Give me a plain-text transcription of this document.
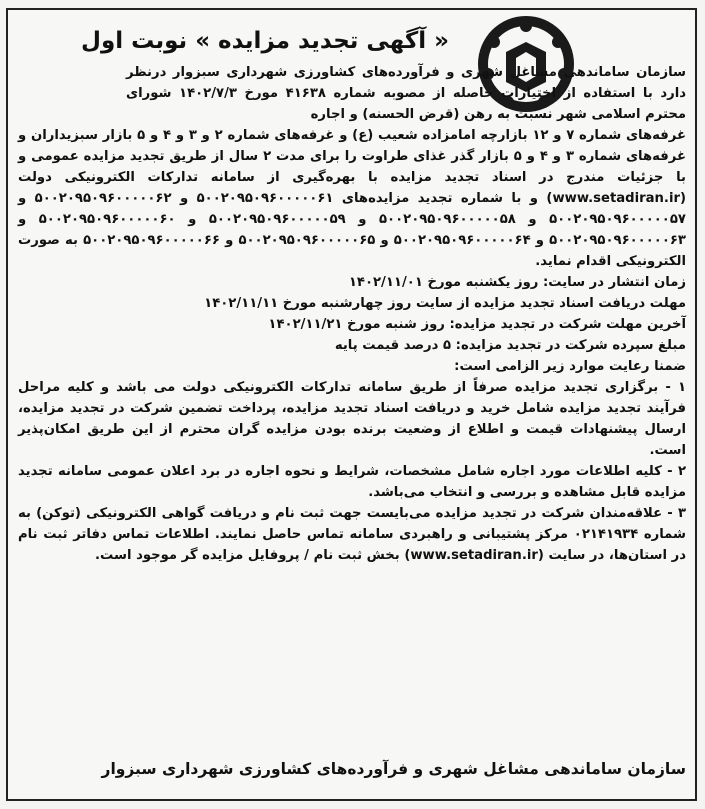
« آگهی تجدید مزایده » نوبت اول
سازمان ساماندهی مشاغل شهری و فرآورده‌های کشاورزی شهرداری سبزوار درنظر دارد با استفاده از اختیارات حاصله از مصوبه شماره ۴۱۶۳۸ مورخ ۱۴۰۲/۷/۳ شورای محترم اسلامی شهر نسبت به رهن (قرض الحسنه) و اجاره
غرفه‌های شماره ۷ و ۱۲ بازارچه امامزاده شعیب (ع) و غرفه‌های شماره ۲ و ۳ و ۴ و ۵ بازار سبزیداران و غرفه‌های شماره ۳ و ۴ و ۵ بازار گذر غذای طراوت را برای مدت ۲ سال از طریق تجدید مزایده عمومی و با جزئیات مندرج در اسناد تجدید مزایده با بهره‌گیری از سامانه تدارکات الکترونیکی دولت (www.setadiran.ir) و با شماره تجدید مزایده‌های ۵۰۰۲۰۹۵۰۹۶۰۰۰۰۰۶۱ و ۵۰۰۲۰۹۵۰۹۶۰۰۰۰۰۶۲ و ۵۰۰۲۰۹۵۰۹۶۰۰۰۰۰۵۷ و ۵۰۰۲۰۹۵۰۹۶۰۰۰۰۰۵۸ و ۵۰۰۲۰۹۵۰۹۶۰۰۰۰۰۵۹ و ۵۰۰۲۰۹۵۰۹۶۰۰۰۰۰۶۰ و ۵۰۰۲۰۹۵۰۹۶۰۰۰۰۰۶۳ و ۵۰۰۲۰۹۵۰۹۶۰۰۰۰۰۶۴ و ۵۰۰۲۰۹۵۰۹۶۰۰۰۰۰۶۵ و ۵۰۰۲۰۹۵۰۹۶۰۰۰۰۰۶۶ به صورت الکترونیکی اقدام نماید.
زمان انتشار در سایت: روز یکشنبه مورخ ۱۴۰۲/۱۱/۰۱
مهلت دریافت اسناد تجدید مزایده از سایت روز چهارشنبه مورخ ۱۴۰۲/۱۱/۱۱
آخرین مهلت شرکت در تجدید مزایده: روز شنبه مورخ ۱۴۰۲/۱۱/۲۱
مبلغ سپرده شرکت در تجدید مزایده: ۵ درصد قیمت پایه
ضمنا رعایت موارد زیر الزامی است:
۱ - برگزاری تجدید مزایده صرفاً از طریق سامانه تدارکات الکترونیکی دولت می باشد و کلیه مراحل فرآیند تجدید مزایده شامل خرید و دریافت اسناد تجدید مزایده، پرداخت تضمین شرکت در تجدید مزایده، ارسال پیشنهادات قیمت و اطلاع از وضعیت برنده بودن مزایده گران محترم از این طریق امکان‌پذیر است.
۲ - کلیه اطلاعات مورد اجاره شامل مشخصات، شرایط و نحوه اجاره در برد اعلان عمومی سامانه تجدید مزایده قابل مشاهده و بررسی و انتخاب می‌باشد.
۳ - علاقه‌مندان شرکت در تجدید مزایده می‌بایست جهت ثبت نام و دریافت گواهی الکترونیکی (توکن) به شماره ۰۲۱۴۱۹۳۴ مرکز پشتیبانی و راهبردی سامانه تماس حاصل نمایند. اطلاعات تماس دفاتر ثبت نام در استان‌ها، در سایت (www.setadiran.ir) بخش ثبت نام / پروفایل مزایده گر موجود است.
سازمان ساماندهی مشاغل شهری و فرآورده‌های کشاورزی شهرداری سبزوار
